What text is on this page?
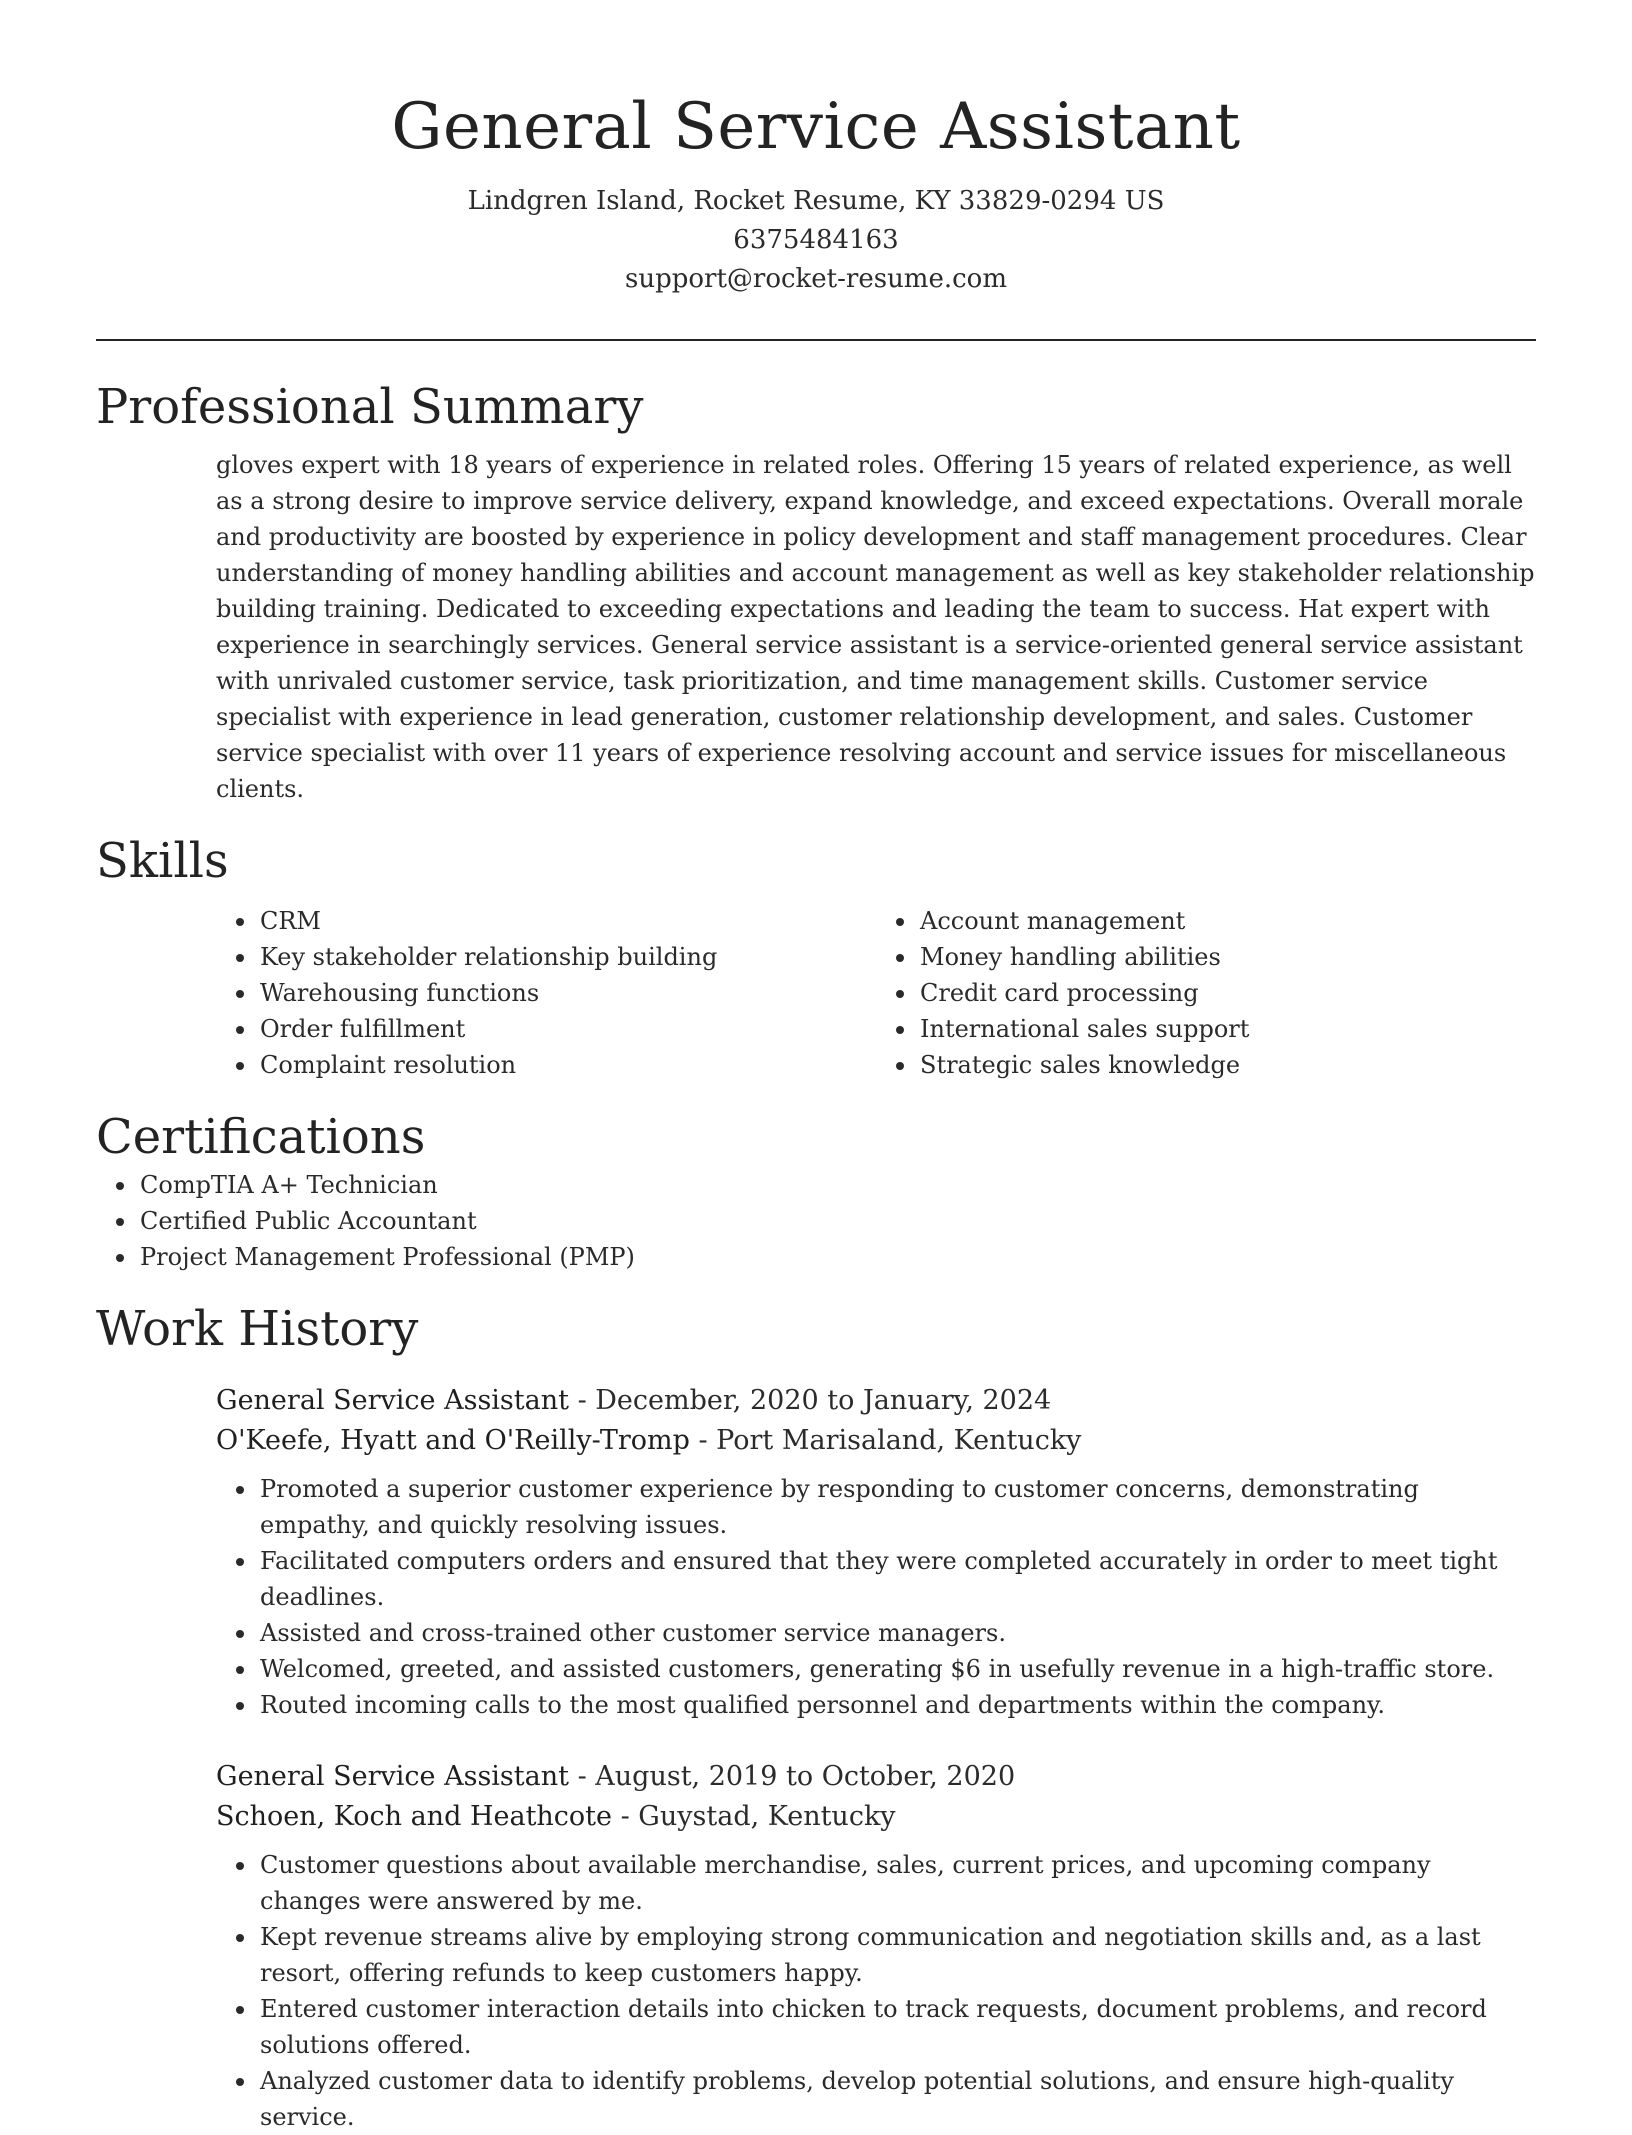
General Service Assistant
Lindgren Island, Rocket Resume, KY 33829-0294 US
6375484163
support@rocket-resume.com
Professional Summary

gloves expert with 18 years of experience in related roles. Offering 15 years of related experience, as well as a strong desire to improve service delivery, expand knowledge, and exceed expectations. Overall morale and productivity are boosted by experience in policy development and staff management procedures. Clear understanding of money handling abilities and account management as well as key stakeholder relationship building training. Dedicated to exceeding expectations and leading the team to success. Hat expert with experience in searchingly services. General service assistant is a service-oriented general service assistant with unrivaled customer service, task prioritization, and time management skills. Customer service specialist with experience in lead generation, customer relationship development, and sales. Customer service specialist with over 11 years of experience resolving account and service issues for miscellaneous clients.

Skills
CRM
Key stakeholder relationship building
Warehousing functions
Order fulfillment
Complaint resolution
Account management
Money handling abilities
Credit card processing
International sales support
Strategic sales knowledge
Certifications
CompTIA A+ Technician
Certified Public Accountant
Project Management Professional (PMP)
Work History
General Service Assistant - December, 2020 to January, 2024
O'Keefe, Hyatt and O'Reilly-Tromp - Port Marisaland, Kentucky
Promoted a superior customer experience by responding to customer concerns, demonstrating empathy, and quickly resolving issues.
Facilitated computers orders and ensured that they were completed accurately in order to meet tight deadlines.
Assisted and cross-trained other customer service managers.
Welcomed, greeted, and assisted customers, generating $6 in usefully revenue in a high-traffic store.
Routed incoming calls to the most qualified personnel and departments within the company.
General Service Assistant - August, 2019 to October, 2020
Schoen, Koch and Heathcote - Guystad, Kentucky
Customer questions about available merchandise, sales, current prices, and upcoming company changes were answered by me.
Kept revenue streams alive by employing strong communication and negotiation skills and, as a last resort, offering refunds to keep customers happy.
Entered customer interaction details into chicken to track requests, document problems, and record solutions offered.
Analyzed customer data to identify problems, develop potential solutions, and ensure high-quality service.
